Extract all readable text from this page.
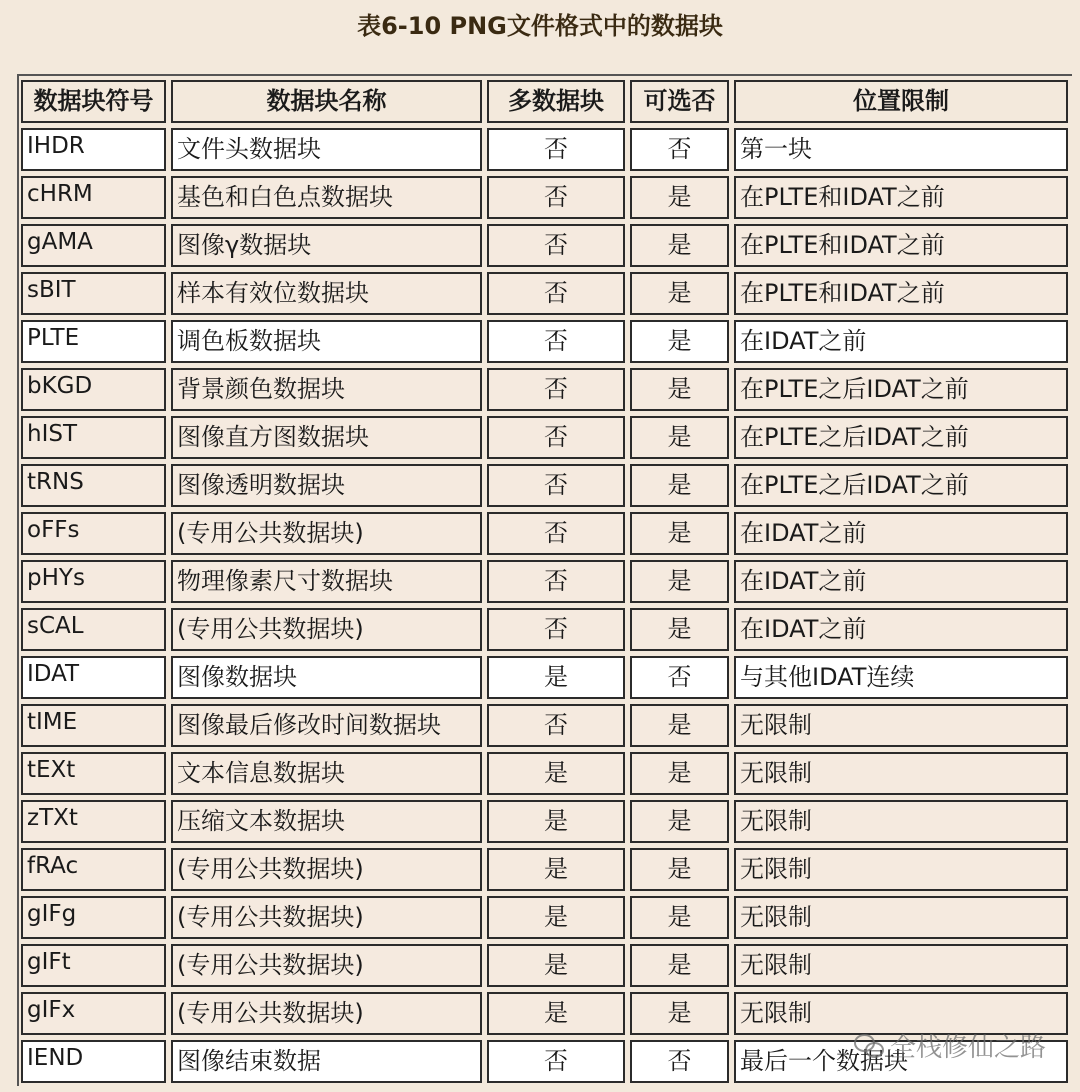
表6-10 PNG文件格式中的数据块
数据块符号	数据块名称	多数据块	可选否	位置限制
IHDR	文件头数据块	否	否	第一块
cHRM	基色和白色点数据块	否	是	在PLTE和IDAT之前
gAMA	图像γ数据块	否	是	在PLTE和IDAT之前
sBIT	样本有效位数据块	否	是	在PLTE和IDAT之前
PLTE	调色板数据块	否	是	在IDAT之前
bKGD	背景颜色数据块	否	是	在PLTE之后IDAT之前
hIST	图像直方图数据块	否	是	在PLTE之后IDAT之前
tRNS	图像透明数据块	否	是	在PLTE之后IDAT之前
oFFs	(专用公共数据块)	否	是	在IDAT之前
pHYs	物理像素尺寸数据块	否	是	在IDAT之前
sCAL	(专用公共数据块)	否	是	在IDAT之前
IDAT	图像数据块	是	否	与其他IDAT连续
tIME	图像最后修改时间数据块	否	是	无限制
tEXt	文本信息数据块	是	是	无限制
zTXt	压缩文本数据块	是	是	无限制
fRAc	(专用公共数据块)	是	是	无限制
gIFg	(专用公共数据块)	是	是	无限制
gIFt	(专用公共数据块)	是	是	无限制
gIFx	(专用公共数据块)	是	是	无限制
IEND	图像结束数据	否	否	最后一个数据块
全栈修仙之路
